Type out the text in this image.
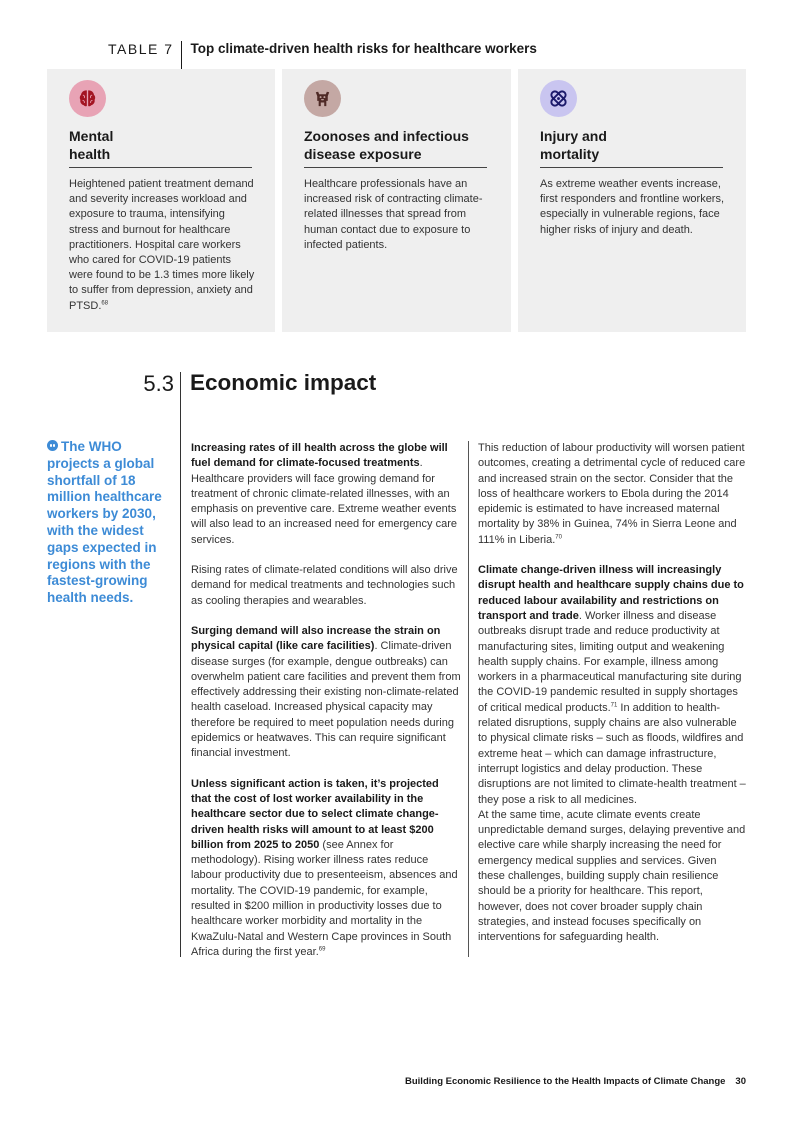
TABLE 7	Top climate-driven health risks for healthcare workers
Mental
health
Heightened patient treatment demand and severity increases workload and exposure to trauma, intensifying stress and burnout for healthcare practitioners. Hospital care workers who cared for COVID-19 patients were found to be 1.3 times more likely to suffer from depression, anxiety and PTSD.$^{68}$
Zoonoses and infectious
disease exposure
Healthcare professionals have an increased risk of contracting climate-related illnesses that spread from human contact due to exposure to infected patients.
Injury and
mortality
As extreme weather events increase, first responders and frontline workers, especially in vulnerable regions, face higher risks of injury and death.
5.3 Economic impact
The WHO projects a global shortfall of 18 million healthcare workers by 2030, with the widest gaps expected in regions with the fastest-growing health needs.

Increasing rates of ill health across the globe will fuel demand for climate-focused treatments. Healthcare providers will face growing demand for treatment of chronic climate-related illnesses, with an emphasis on preventive care. Extreme weather events will also lead to an increased need for emergency care services.

Rising rates of climate-related conditions will also drive demand for medical treatments and technologies such as cooling therapies and wearables.

Surging demand will also increase the strain on physical capital (like care facilities). Climate-driven disease surges (for example, dengue outbreaks) can overwhelm patient care facilities and prevent them from effectively addressing their existing non-climate-related health caseload. Increased physical capacity may therefore be required to meet population needs during epidemics or heatwaves. This can require significant financial investment.

Unless significant action is taken, it’s projected that the cost of lost worker availability in the healthcare sector due to select climate change-driven health risks will amount to at least $200 billion from 2025 to 2050 (see Annex for methodology). Rising worker illness rates reduce labour productivity due to presenteeism, absences and mortality. The COVID-19 pandemic, for example, resulted in $200 million in productivity losses due to healthcare worker morbidity and mortality in the KwaZulu-Natal and Western Cape provinces in South Africa during the first year.$^{69}$

This reduction of labour productivity will worsen patient outcomes, creating a detrimental cycle of reduced care and increased strain on the sector. Consider that the loss of healthcare workers to Ebola during the 2014 epidemic is estimated to have increased maternal mortality by 38% in Guinea, 74% in Sierra Leone and 111% in Liberia.$^{70}$

Climate change-driven illness will increasingly disrupt health and healthcare supply chains due to reduced labour availability and restrictions on transport and trade. Worker illness and disease outbreaks disrupt trade and reduce productivity at manufacturing sites, limiting output and weakening health supply chains. For example, illness among workers in a pharmaceutical manufacturing site during the COVID-19 pandemic resulted in supply shortages of critical medical products.$^{71}$ In addition to health-related disruptions, supply chains are also vulnerable to physical climate risks – such as floods, wildfires and extreme heat – which can damage infrastructure, interrupt logistics and delay production. These disruptions are not limited to climate-health treatment – they pose a risk to all medicines.

At the same time, acute climate events create unpredictable demand surges, delaying preventive and elective care while sharply increasing the need for emergency medical supplies and services. Given these challenges, building supply chain resilience should be a priority for healthcare. This report, however, does not cover broader supply chain strategies, and instead focuses specifically on interventions for safeguarding health.

Building Economic Resilience to the Health Impacts of Climate Change 30
